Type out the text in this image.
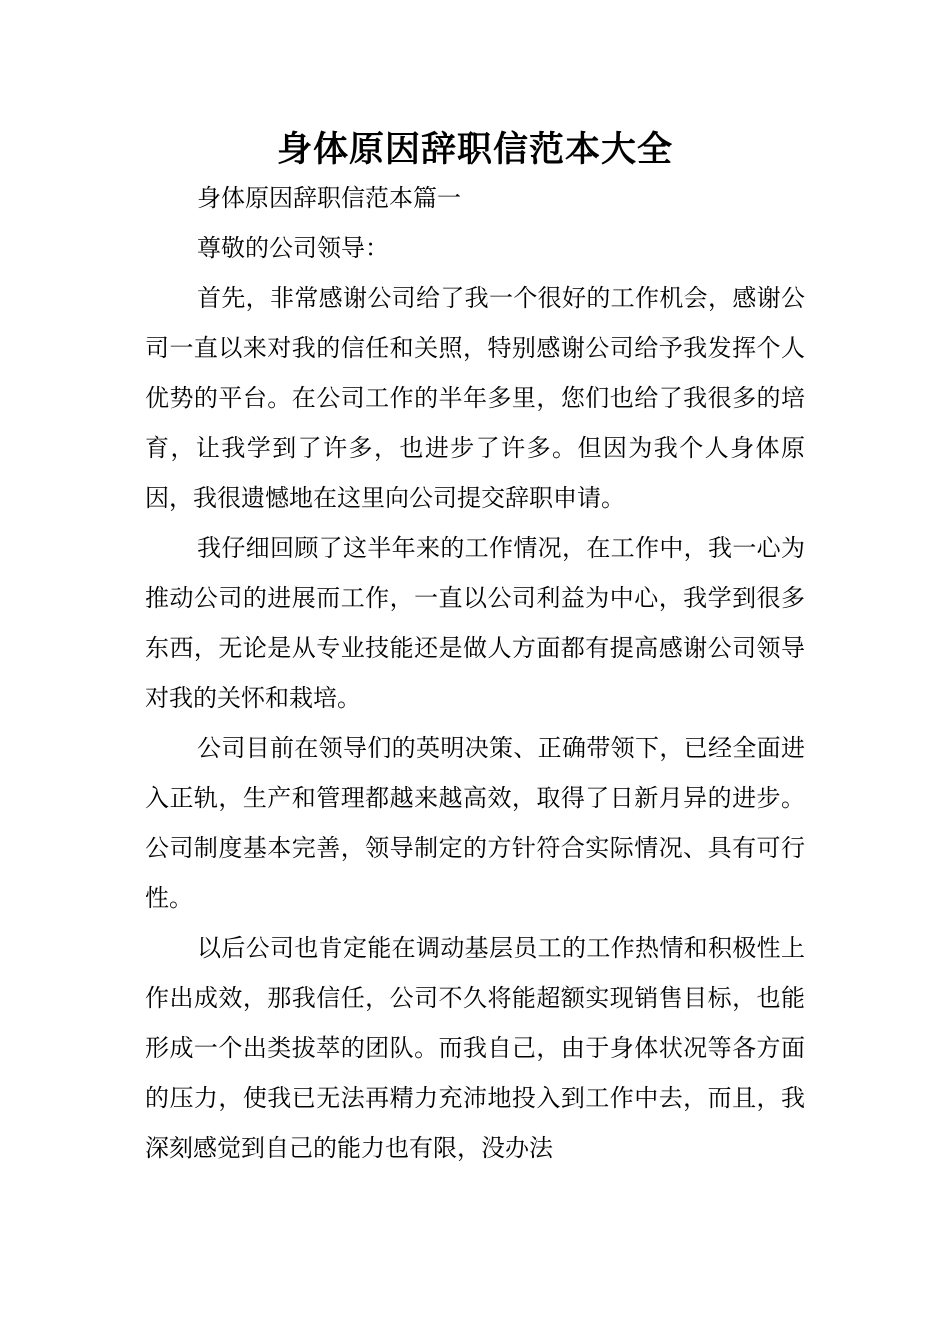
身体原因辞职信范本大全

身体原因辞职信范本篇一

尊敬的公司领导：

首先，非常感谢公司给了我一个很好的工作机会，感谢公司一直以来对我的信任和关照，特别感谢公司给予我发挥个人优势的平台。在公司工作的半年多里，您们也给了我很多的培育，让我学到了许多，也进步了许多。但因为我个人身体原因，我很遗憾地在这里向公司提交辞职申请。

我仔细回顾了这半年来的工作情况，在工作中，我一心为推动公司的进展而工作，一直以公司利益为中心，我学到很多东西，无论是从专业技能还是做人方面都有提高感谢公司领导对我的关怀和栽培。

公司目前在领导们的英明决策、正确带领下，已经全面进入正轨，生产和管理都越来越高效，取得了日新月异的进步。公司制度基本完善，领导制定的方针符合实际情况、具有可行性。

以后公司也肯定能在调动基层员工的工作热情和积极性上作出成效，那我信任，公司不久将能超额实现销售目标，也能形成一个出类拔萃的团队。而我自己，由于身体状况等各方面的压力，使我已无法再精力充沛地投入到工作中去，而且，我深刻感觉到自己的能力也有限，没办法
